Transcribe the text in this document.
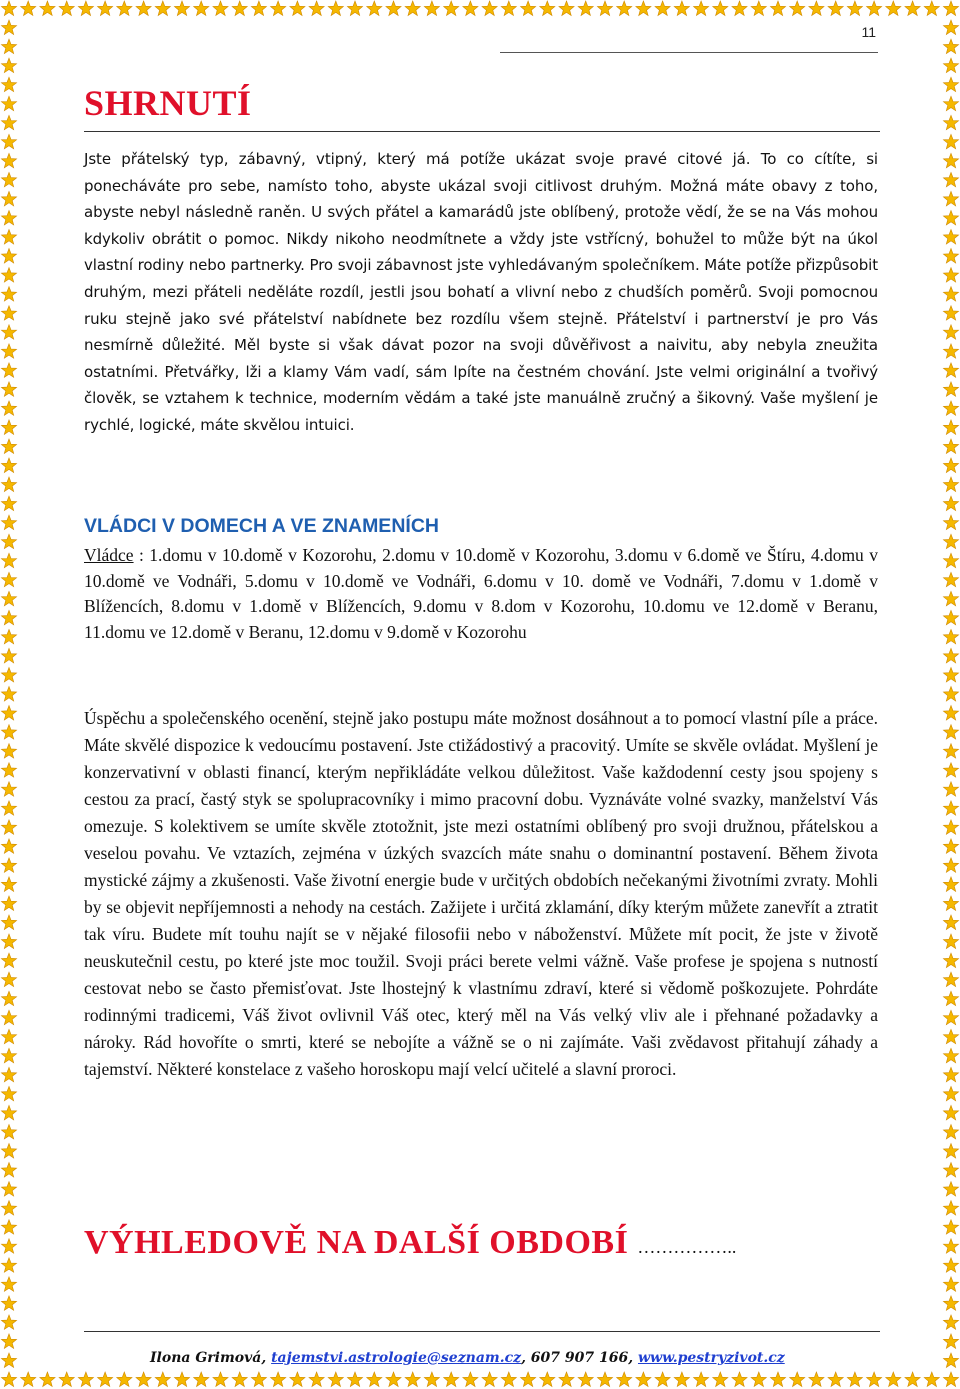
11
SHRNUTÍ

Jste přátelský typ, zábavný, vtipný, který má potíže ukázat svoje pravé citové já. To co cítíte, si ponecháváte pro sebe, namísto toho, abyste ukázal svoji citlivost druhým. Možná máte obavy z toho, abyste nebyl následně raněn. U svých přátel a kamarádů jste oblíbený, protože vědí, že se na Vás mohou kdykoliv obrátit o pomoc. Nikdy nikoho neodmítnete a vždy jste vstřícný, bohužel to může být na úkol vlastní rodiny nebo partnerky. Pro svoji zábavnost jste vyhledávaným společníkem. Máte potíže přizpůsobit druhým, mezi přáteli neděláte rozdíl, jestli jsou bohatí a vlivní nebo z chudších poměrů. Svoji pomocnou ruku stejně jako své přátelství nabídnete bez rozdílu všem stejně. Přátelství i partnerství je pro Vás nesmírně důležité. Měl byste si však dávat pozor na svoji důvěřivost a naivitu, aby nebyla zneužita ostatními. Přetvářky, lži a klamy Vám vadí, sám lpíte na čestném chování. Jste velmi originální a tvořivý člověk, se vztahem k technice, moderním vědám a také jste manuálně zručný a šikovný. Vaše myšlení je rychlé, logické, máte skvělou intuici.

VLÁDCI V DOMECH A VE ZNAMENÍCH

Vládce : 1.domu v 10.domě v Kozorohu, 2.domu v 10.domě v Kozorohu, 3.domu v 6.domě ve Štíru, 4.domu v 10.domě ve Vodnáři, 5.domu v 10.domě ve Vodnáři, 6.domu v 10. domě ve Vodnáři, 7.domu v 1.domě v Blížencích, 8.domu v 1.domě v Blížencích, 9.domu v 8.dom v Kozorohu, 10.domu ve 12.domě v Beranu, 11.domu ve 12.domě v Beranu, 12.domu v 9.domě v Kozorohu

Úspěchu a společenského ocenění, stejně jako postupu máte možnost dosáhnout a to pomocí vlastní píle a práce. Máte skvělé dispozice k vedoucímu postavení. Jste ctižádostivý a pracovitý. Umíte se skvěle ovládat. Myšlení je konzervativní v oblasti financí, kterým nepřikládáte velkou důležitost. Vaše každodenní cesty jsou spojeny s cestou za prací, častý styk se spolupracovníky i mimo pracovní dobu. Vyznáváte volné svazky, manželství Vás omezuje. S kolektivem se umíte skvěle ztotožnit, jste mezi ostatními oblíbený pro svoji družnou, přátelskou a veselou povahu. Ve vztazích, zejména v úzkých svazcích máte snahu o dominantní postavení. Během života mystické zájmy a zkušenosti. Vaše životní energie bude v určitých obdobích nečekanými životními zvraty. Mohli by se objevit nepříjemnosti a nehody na cestách. Zažijete i určitá zklamání, díky kterým můžete zanevřít a ztratit tak víru. Budete mít touhu najít se v nějaké filosofii nebo v náboženství. Můžete mít pocit, že jste v životě neuskutečnil cestu, po které jste moc toužil. Svoji práci berete velmi vážně. Vaše profese je spojena s nutností cestovat nebo se často přemisťovat. Jste lhostejný k vlastnímu zdraví, které si vědomě poškozujete. Pohrdáte rodinnými tradicemi, Váš život ovlivnil Váš otec, který měl na Vás velký vliv ale i přehnané požadavky a nároky. Rád hovoříte o smrti, které se nebojíte a vážně se o ni zajímáte. Vaši zvědavost přitahují záhady a tajemství. Některé konstelace z vašeho horoskopu mají velcí učitelé a slavní proroci.

VÝHLEDOVĚ NA DALŠÍ OBDOBÍ ……………..
Ilona Grimová, tajemstvi.astrologie@seznam.cz, 607 907 166, www.pestryzivot.cz
